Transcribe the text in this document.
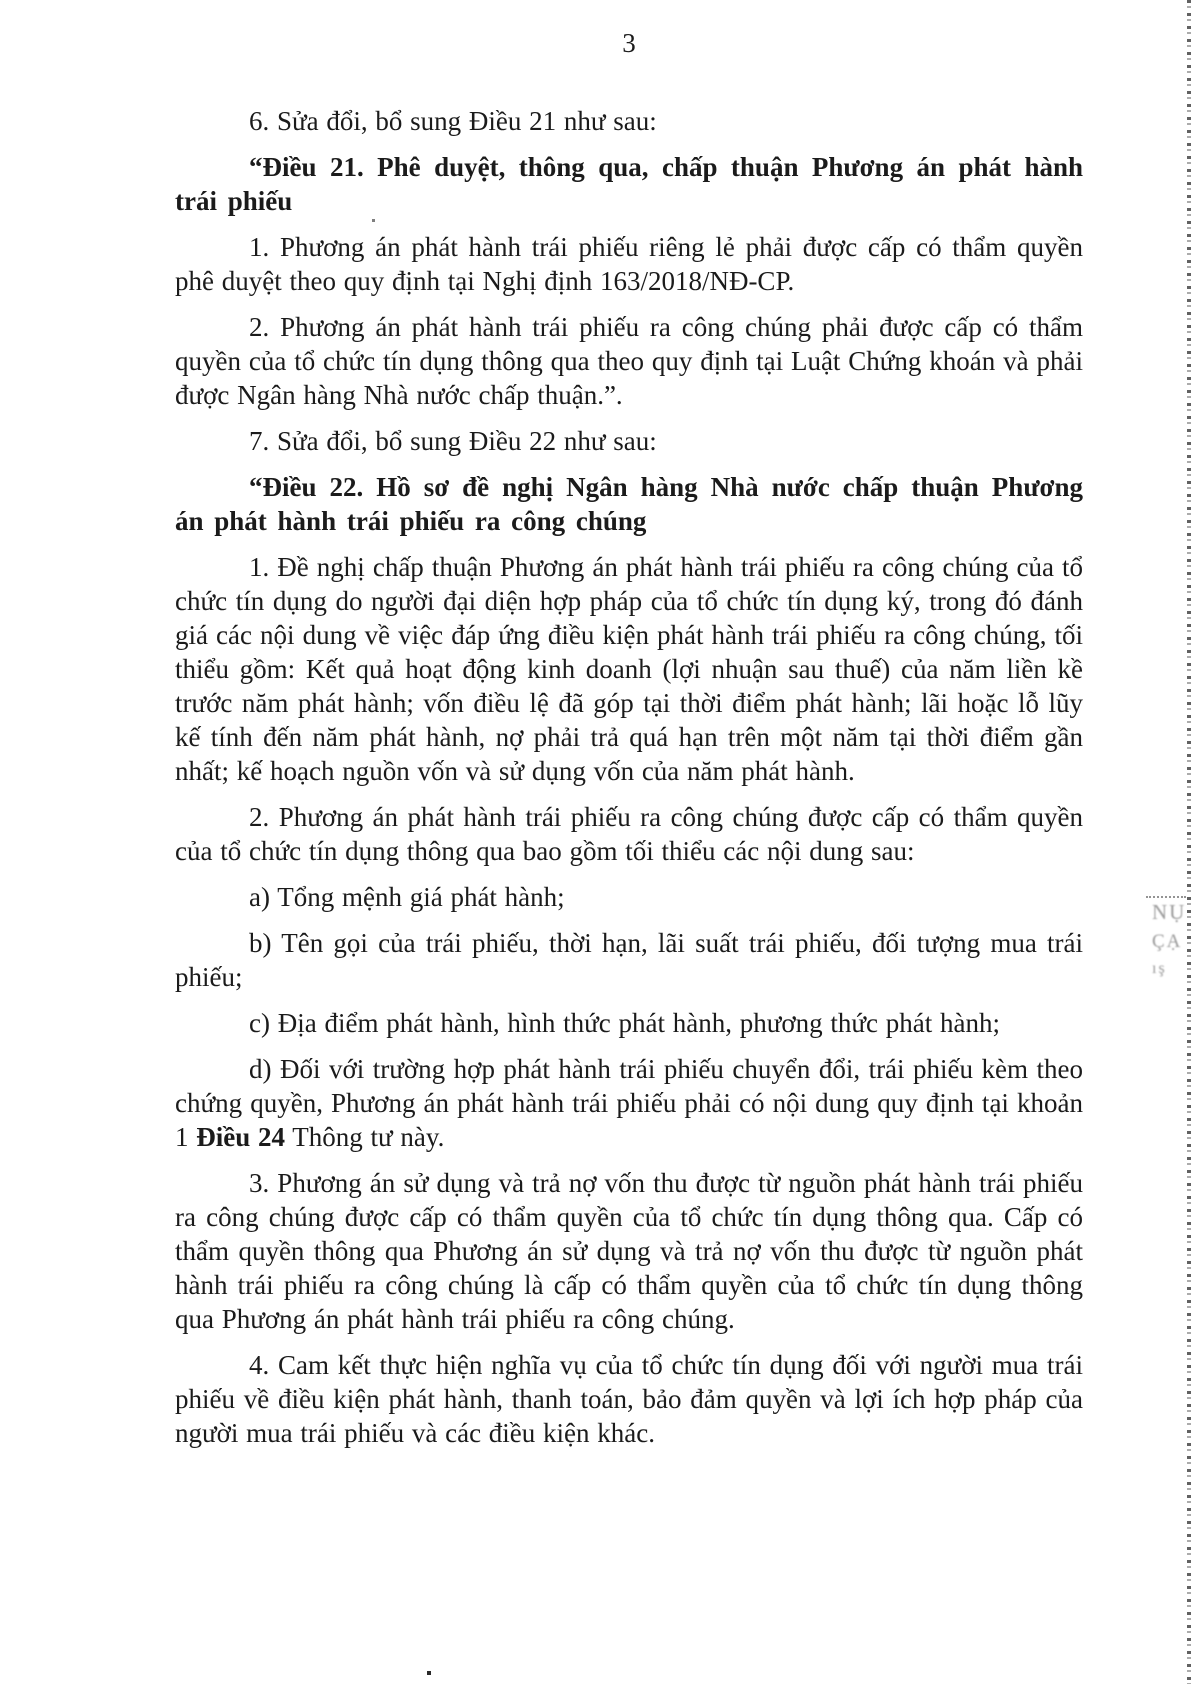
3

6. Sửa đổi, bổ sung Điều 21 như sau:

“Điều 21. Phê duyệt, thông qua, chấp thuận Phương án phát hành trái phiếu

1. Phương án phát hành trái phiếu riêng lẻ phải được cấp có thẩm quyền phê duyệt theo quy định tại Nghị định 163/2018/NĐ-CP.

2. Phương án phát hành trái phiếu ra công chúng phải được cấp có thẩm quyền của tổ chức tín dụng thông qua theo quy định tại Luật Chứng khoán và phải được Ngân hàng Nhà nước chấp thuận.”.

7. Sửa đổi, bổ sung Điều 22 như sau:

“Điều 22. Hồ sơ đề nghị Ngân hàng Nhà nước chấp thuận Phương án phát hành trái phiếu ra công chúng

1. Đề nghị chấp thuận Phương án phát hành trái phiếu ra công chúng của tổ chức tín dụng do người đại diện hợp pháp của tổ chức tín dụng ký, trong đó đánh giá các nội dung về việc đáp ứng điều kiện phát hành trái phiếu ra công chúng, tối thiểu gồm: Kết quả hoạt động kinh doanh (lợi nhuận sau thuế) của năm liền kề trước năm phát hành; vốn điều lệ đã góp tại thời điểm phát hành; lãi hoặc lỗ lũy kế tính đến năm phát hành, nợ phải trả quá hạn trên một năm tại thời điểm gần nhất; kế hoạch nguồn vốn và sử dụng vốn của năm phát hành.

2. Phương án phát hành trái phiếu ra công chúng được cấp có thẩm quyền của tổ chức tín dụng thông qua bao gồm tối thiểu các nội dung sau:

a) Tổng mệnh giá phát hành;

b) Tên gọi của trái phiếu, thời hạn, lãi suất trái phiếu, đối tượng mua trái phiếu;

c) Địa điểm phát hành, hình thức phát hành, phương thức phát hành;

d) Đối với trường hợp phát hành trái phiếu chuyển đổi, trái phiếu kèm theo chứng quyền, Phương án phát hành trái phiếu phải có nội dung quy định tại khoản 1 Điều 24 Thông tư này.

3. Phương án sử dụng và trả nợ vốn thu được từ nguồn phát hành trái phiếu ra công chúng được cấp có thẩm quyền của tổ chức tín dụng thông qua. Cấp có thẩm quyền thông qua Phương án sử dụng và trả nợ vốn thu được từ nguồn phát hành trái phiếu ra công chúng là cấp có thẩm quyền của tổ chức tín dụng thông qua Phương án phát hành trái phiếu ra công chúng.

4. Cam kết thực hiện nghĩa vụ của tổ chức tín dụng đối với người mua trái phiếu về điều kiện phát hành, thanh toán, bảo đảm quyền và lợi ích hợp pháp của người mua trái phiếu và các điều kiện khác.

NỤ
ÇẠ
ış
